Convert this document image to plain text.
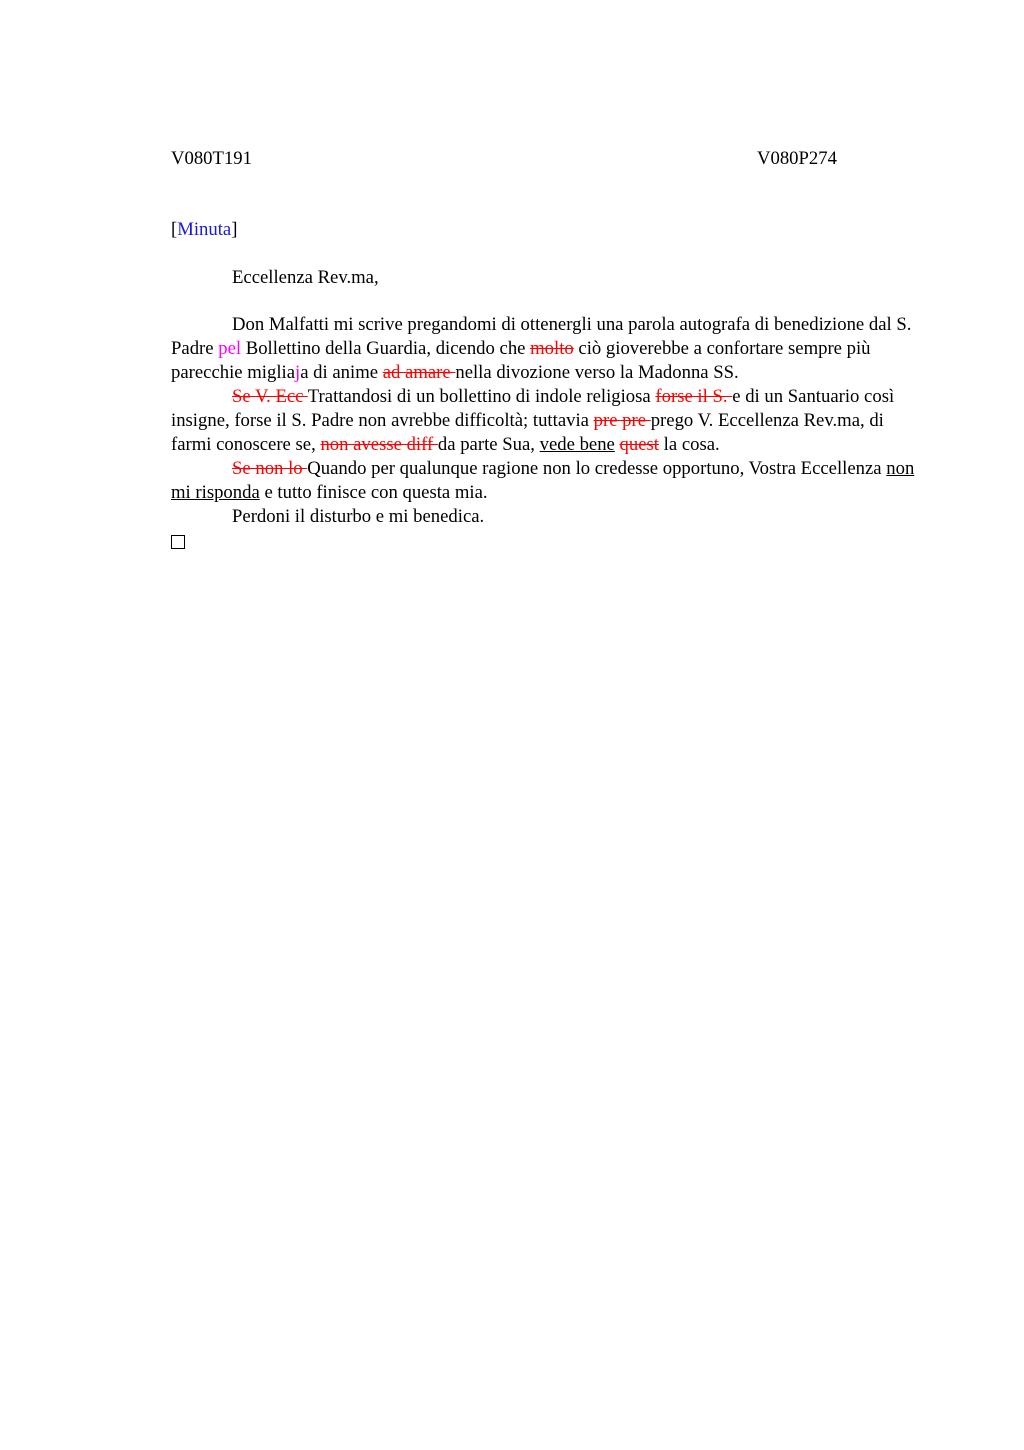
V080T191	V080P274
[Minuta]
Eccellenza Rev.ma,

Don Malfatti mi scrive pregandomi di ottenergli una parola autografa di benedizione dal S. Padre pel Bollettino della Guardia, dicendo che molto ciò gioverebbe a confortare sempre più parecchie migliaja di anime ad amare nella divozione verso la Madonna SS.

Se V. Ecc Trattandosi di un bollettino di indole religiosa forse il S. e di un Santuario così insigne, forse il S. Padre non avrebbe difficoltà; tuttavia pre pre prego V. Eccellenza Rev.ma, di farmi conoscere se, non avesse diff da parte Sua, vede bene quest la cosa.

Se non lo Quando per qualunque ragione non lo credesse opportuno, Vostra Eccellenza non mi risponda e tutto finisce con questa mia.

Perdoni il disturbo e mi benedica.
